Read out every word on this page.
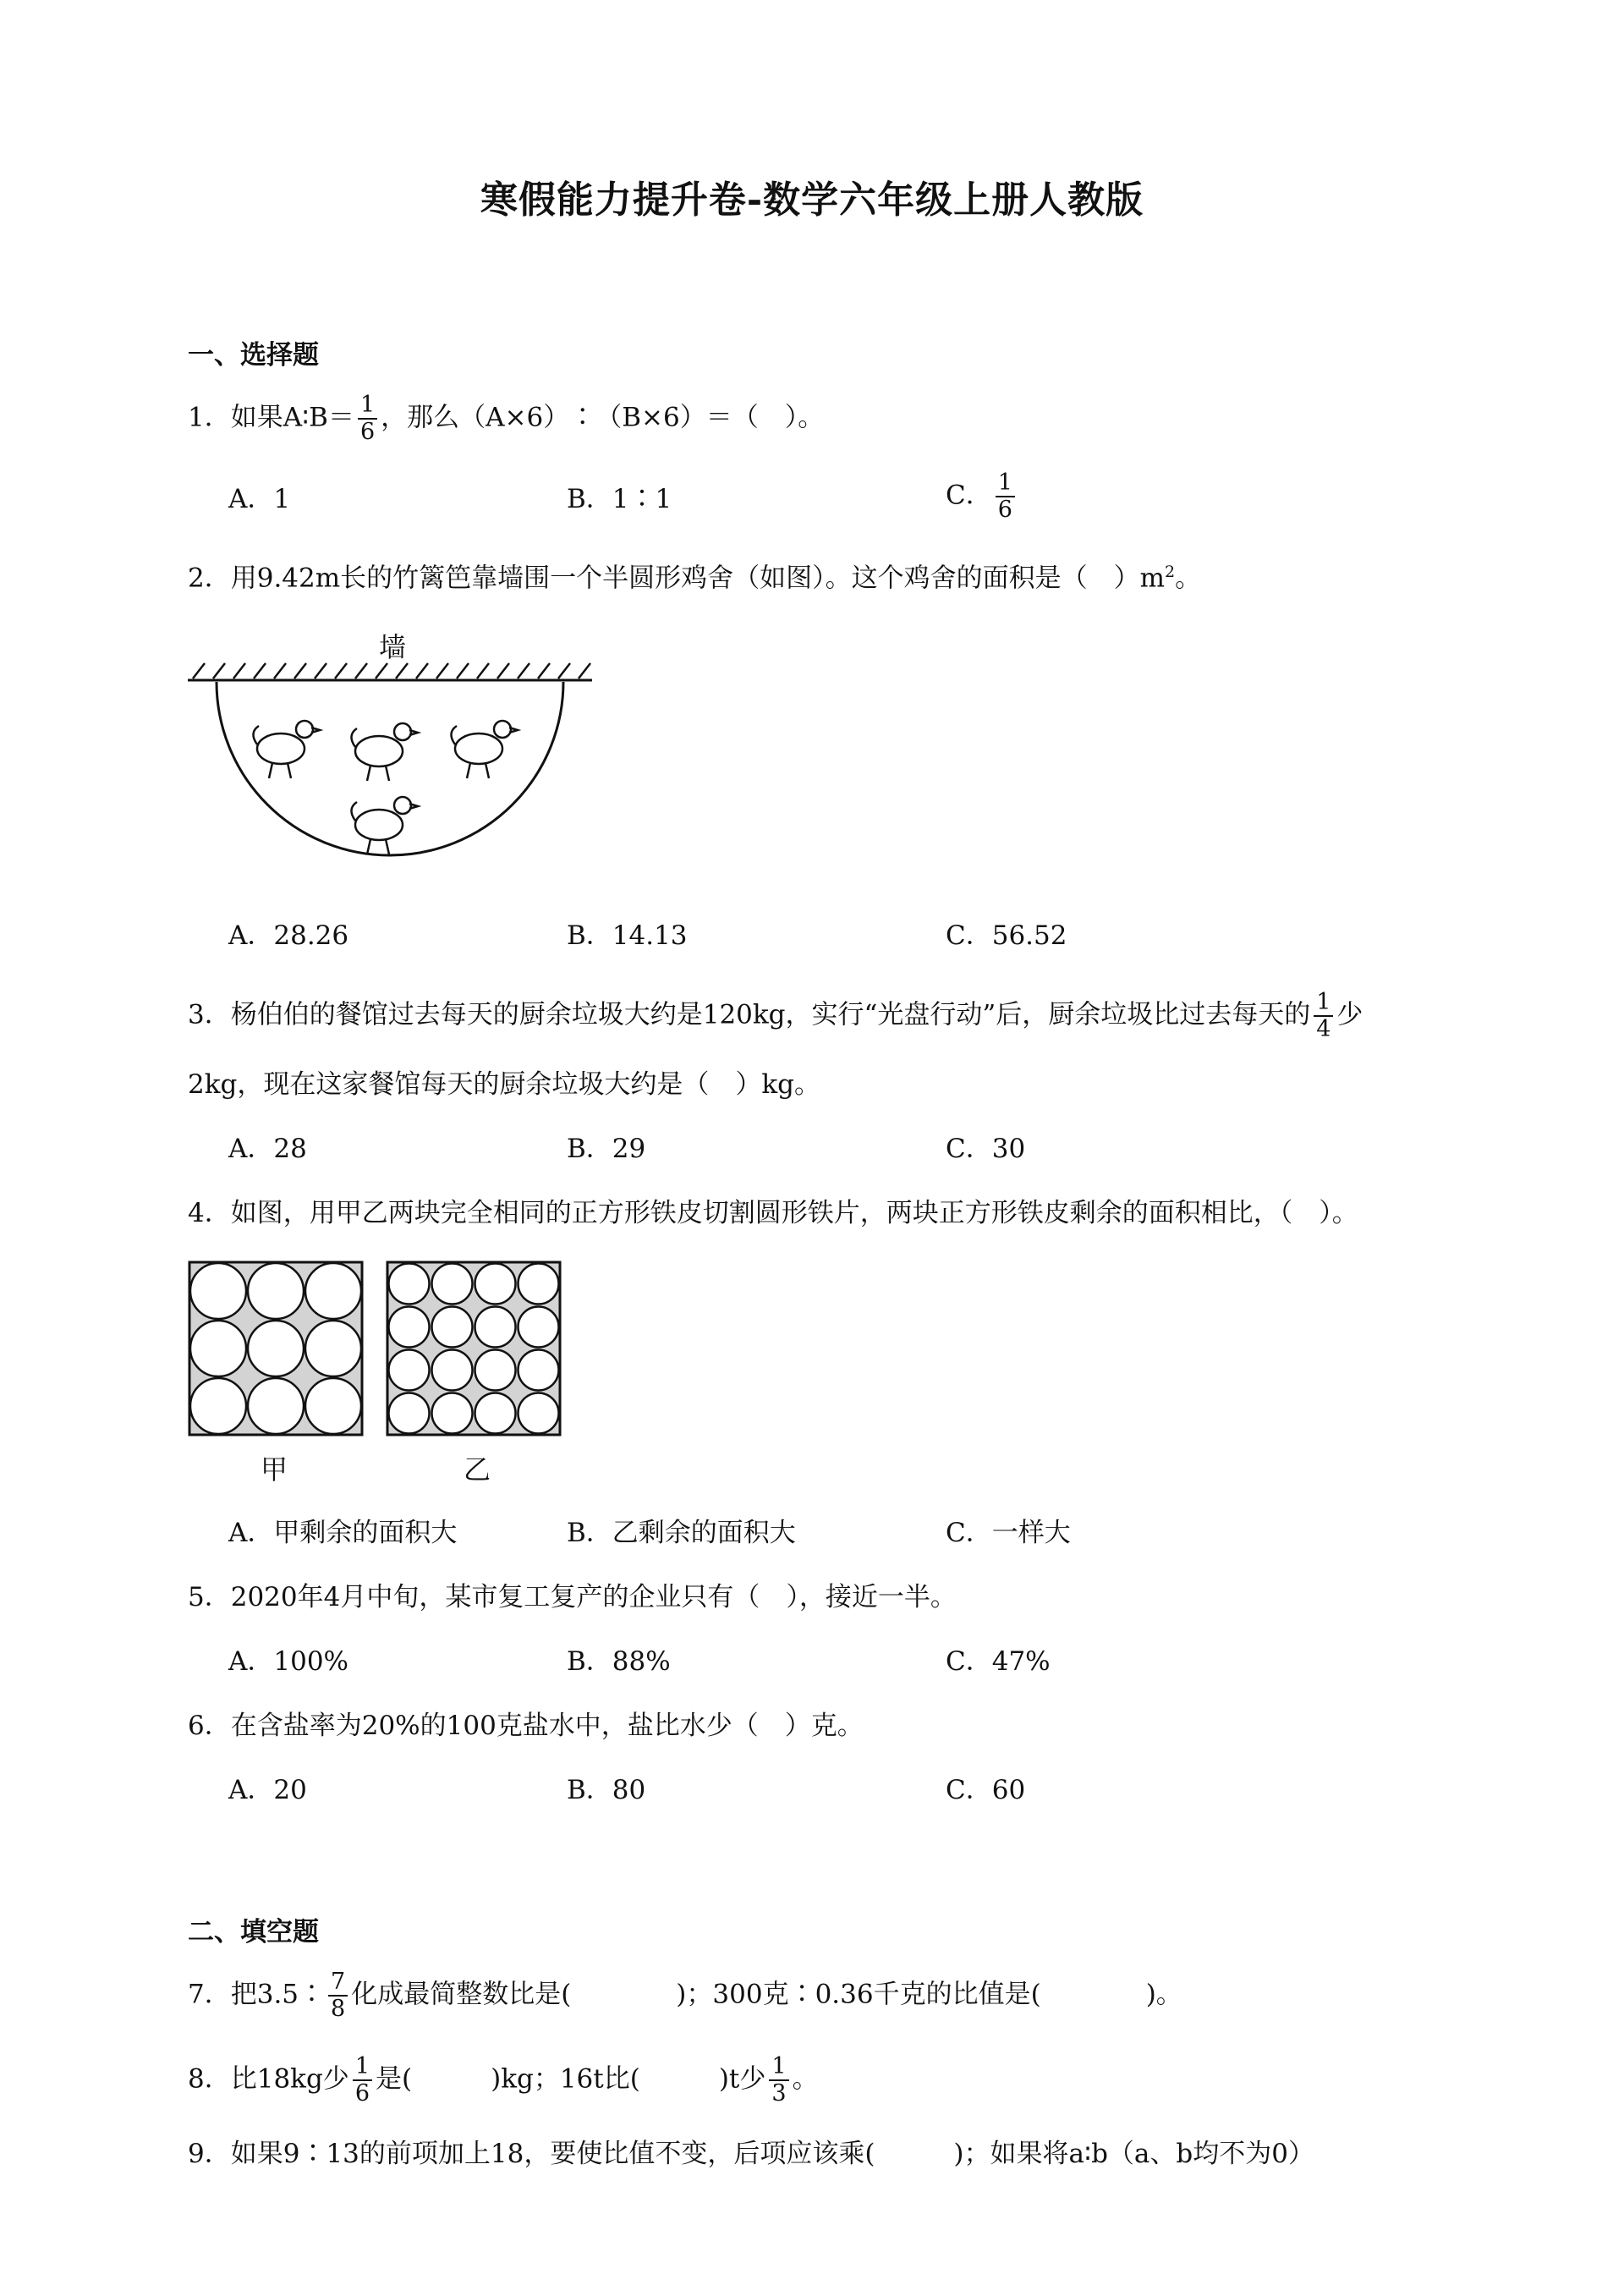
寒假能力提升卷-数学六年级上册人教版
一、选择题
1．如果A∶B＝ $\frac{1}{6}$ ，那么（A×6）∶（B×6）＝（　）。
A．1	B．1∶1	C． $\frac{1}{6}$
2．用9.42m长的竹篱笆靠墙围一个半圆形鸡舍（如图）。这个鸡舍的面积是（　）$m^2$。
墙
A．28.26	B．14.13	C．56.52
3．杨伯伯的餐馆过去每天的厨余垃圾大约是120kg，实行“光盘行动”后，厨余垃圾比过去每天的 $\frac{1}{4}$ 少
2kg，现在这家餐馆每天的厨余垃圾大约是（　）kg。
A．28	B．29	C．30
4．如图，用甲乙两块完全相同的正方形铁皮切割圆形铁片，两块正方形铁皮剩余的面积相比，（　）。
甲	乙
A．甲剩余的面积大	B．乙剩余的面积大	C．一样大
5．2020年4月中旬，某市复工复产的企业只有（　），接近一半。
A．100%	B．88%	C．47%
6．在含盐率为20%的100克盐水中，盐比水少（　）克。
A．20	B．80	C．60
二、填空题
7．把3.5∶ $\frac{7}{8}$ 化成最简整数比是(　　　　)；300克∶0.36千克的比值是(　　　　)。
8．比18kg少 $\frac{1}{6}$ 是(　　　)kg；16t比(　　　)t少 $\frac{1}{3}$ 。
9．如果9∶13的前项加上18，要使比值不变，后项应该乘(　　　)；如果将a∶b（a、b均不为0）
